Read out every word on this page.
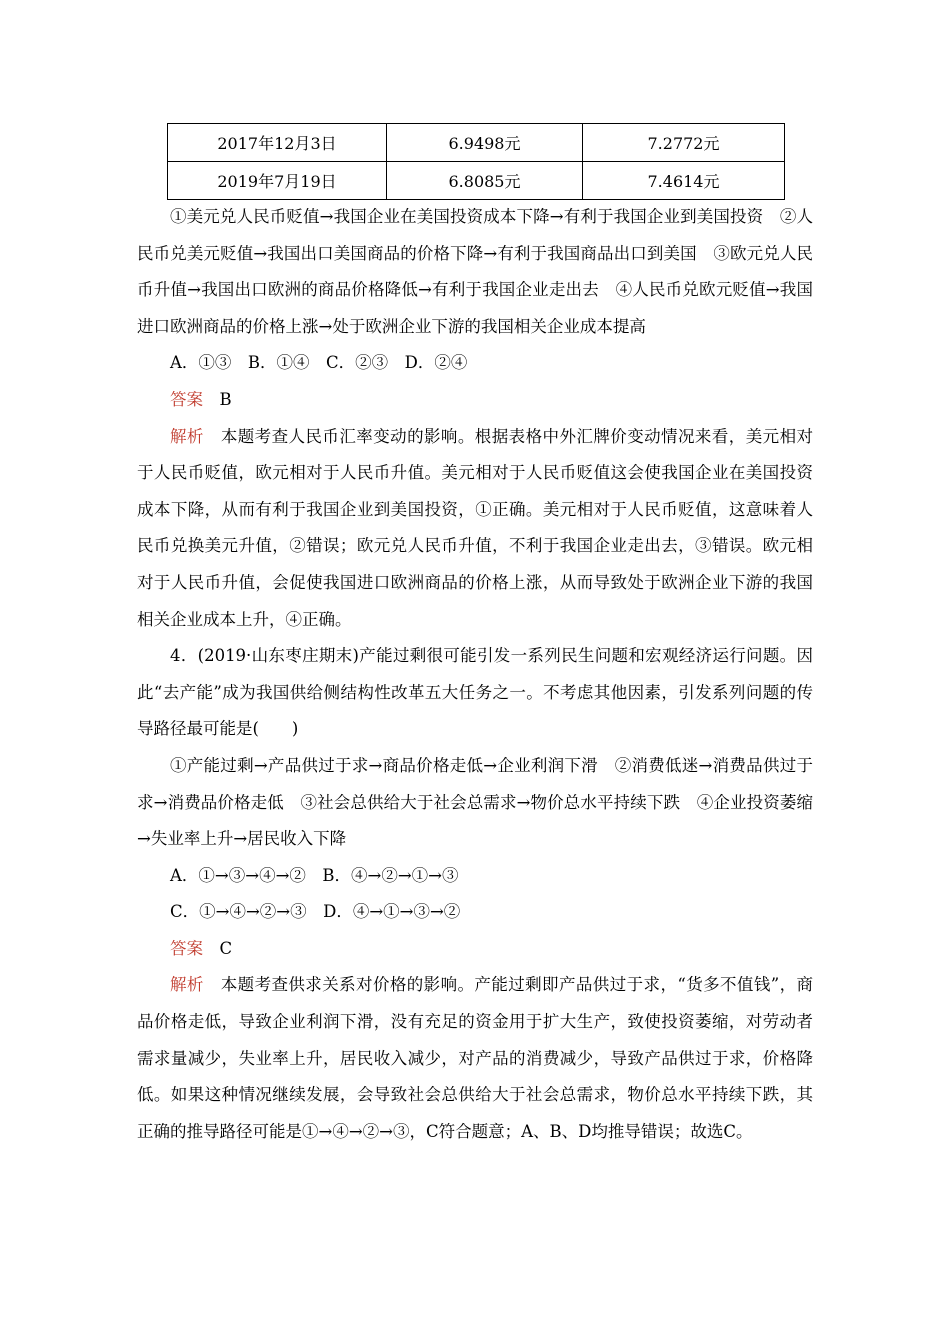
2017年12月3日	6.9498元	7.2772元
2019年7月19日	6.8085元	7.4614元

①美元兑人民币贬值→我国企业在美国投资成本下降→有利于我国企业到美国投资　②人民币兑美元贬值→我国出口美国商品的价格下降→有利于我国商品出口到美国　③欧元兑人民币升值→我国出口欧洲的商品价格降低→有利于我国企业走出去　④人民币兑欧元贬值→我国进口欧洲商品的价格上涨→处于欧洲企业下游的我国相关企业成本提高

A．①③　B．①④　C．②③　D．②④

答案　 B

解析　 本题考查人民币汇率变动的影响。根据表格中外汇牌价变动情况来看，美元相对于人民币贬值，欧元相对于人民币升值。美元相对于人民币贬值这会使我国企业在美国投资成本下降，从而有利于我国企业到美国投资，①正确。美元相对于人民币贬值，这意味着人民币兑换美元升值，②错误；欧元兑人民币升值，不利于我国企业走出去，③错误。欧元相对于人民币升值，会促使我国进口欧洲商品的价格上涨，从而导致处于欧洲企业下游的我国相关企业成本上升，④正确。

4．(2019·山东枣庄期末)产能过剩很可能引发一系列民生问题和宏观经济运行问题。因此“去产能”成为我国供给侧结构性改革五大任务之一。不考虑其他因素，引发系列问题的传导路径最可能是(　　)

①产能过剩→产品供过于求→商品价格走低→企业利润下滑　②消费低迷→消费品供过于求→消费品价格走低　③社会总供给大于社会总需求→物价总水平持续下跌　④企业投资萎缩→失业率上升→居民收入下降

A．①→③→④→②　B．④→②→①→③

C．①→④→②→③　D．④→①→③→②

答案　 C

解析　 本题考查供求关系对价格的影响。产能过剩即产品供过于求，“货多不值钱”，商品价格走低，导致企业利润下滑，没有充足的资金用于扩大生产，致使投资萎缩，对劳动者需求量减少，失业率上升，居民收入减少，对产品的消费减少，导致产品供过于求，价格降低。如果这种情况继续发展，会导致社会总供给大于社会总需求，物价总水平持续下跌，其正确的推导路径可能是①→④→②→③，C符合题意；A、B、D均推导错误；故选C。
